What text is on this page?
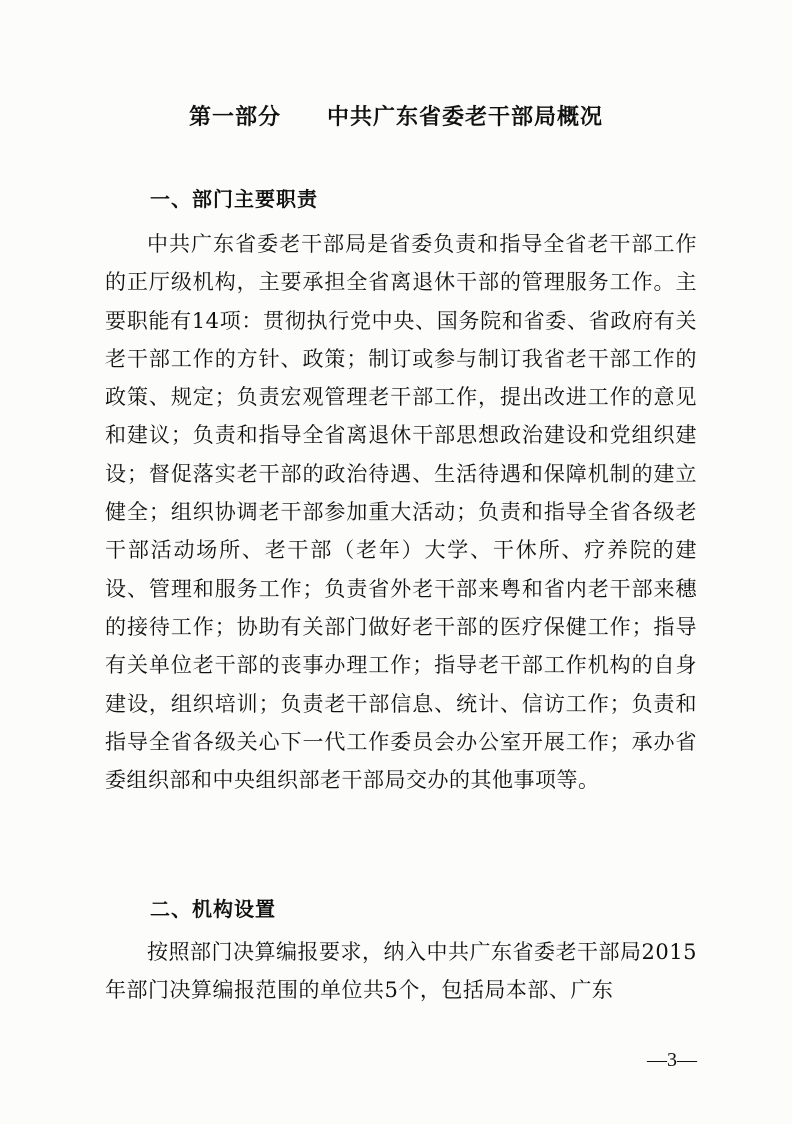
第一部分　　中共广东省委老干部局概况
一、部门主要职责

中共广东省委老干部局是省委负责和指导全省老干部工作的正厅级机构，主要承担全省离退休干部的管理服务工作。主要职能有14项：贯彻执行党中央、国务院和省委、省政府有关老干部工作的方针、政策；制订或参与制订我省老干部工作的政策、规定；负责宏观管理老干部工作，提出改进工作的意见和建议；负责和指导全省离退休干部思想政治建设和党组织建设；督促落实老干部的政治待遇、生活待遇和保障机制的建立健全；组织协调老干部参加重大活动；负责和指导全省各级老干部活动场所、老干部（老年）大学、干休所、疗养院的建设、管理和服务工作；负责省外老干部来粤和省内老干部来穗的接待工作；协助有关部门做好老干部的医疗保健工作；指导有关单位老干部的丧事办理工作；指导老干部工作机构的自身建设，组织培训；负责老干部信息、统计、信访工作；负责和指导全省各级关心下一代工作委员会办公室开展工作；承办省委组织部和中央组织部老干部局交办的其他事项等。

二、机构设置

按照部门决算编报要求，纳入中共广东省委老干部局2015年部门决算编报范围的单位共5个，包括局本部、广东

—3—
